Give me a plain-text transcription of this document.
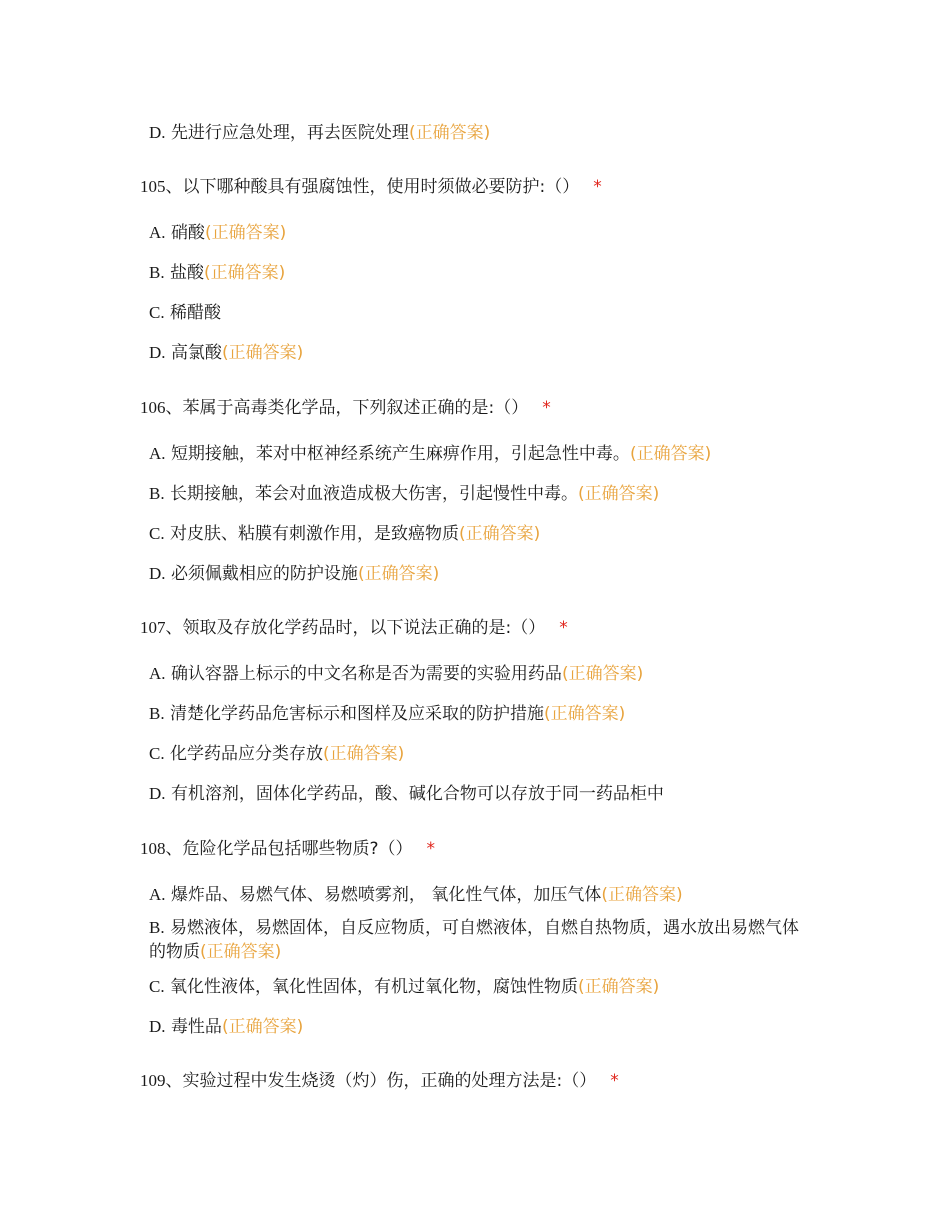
D. 先进行应急处理，再去医院处理(正确答案)
105、以下哪种酸具有强腐蚀性，使用时须做必要防护:（） *
A. 硝酸(正确答案)
B. 盐酸(正确答案)
C. 稀醋酸
D. 高氯酸(正确答案)
106、苯属于高毒类化学品，下列叙述正确的是:（） *
A. 短期接触，苯对中枢神经系统产生麻痹作用，引起急性中毒。(正确答案)
B. 长期接触，苯会对血液造成极大伤害，引起慢性中毒。(正确答案)
C. 对皮肤、粘膜有刺激作用，是致癌物质(正确答案)
D. 必须佩戴相应的防护设施(正确答案)
107、领取及存放化学药品时，以下说法正确的是:（） *
A. 确认容器上标示的中文名称是否为需要的实验用药品(正确答案)
B. 清楚化学药品危害标示和图样及应采取的防护措施(正确答案)
C. 化学药品应分类存放(正确答案)
D. 有机溶剂，固体化学药品，酸、碱化合物可以存放于同一药品柜中
108、危险化学品包括哪些物质?（） *
A. 爆炸品、易燃气体、易燃喷雾剂， 氧化性气体，加压气体(正确答案)
B. 易燃液体，易燃固体，自反应物质，可自燃液体，自燃自热物质，遇水放出易燃气体的物质(正确答案)
C. 氧化性液体，氧化性固体，有机过氧化物，腐蚀性物质(正确答案)
D. 毒性品(正确答案)
109、实验过程中发生烧烫（灼）伤，正确的处理方法是:（） *
